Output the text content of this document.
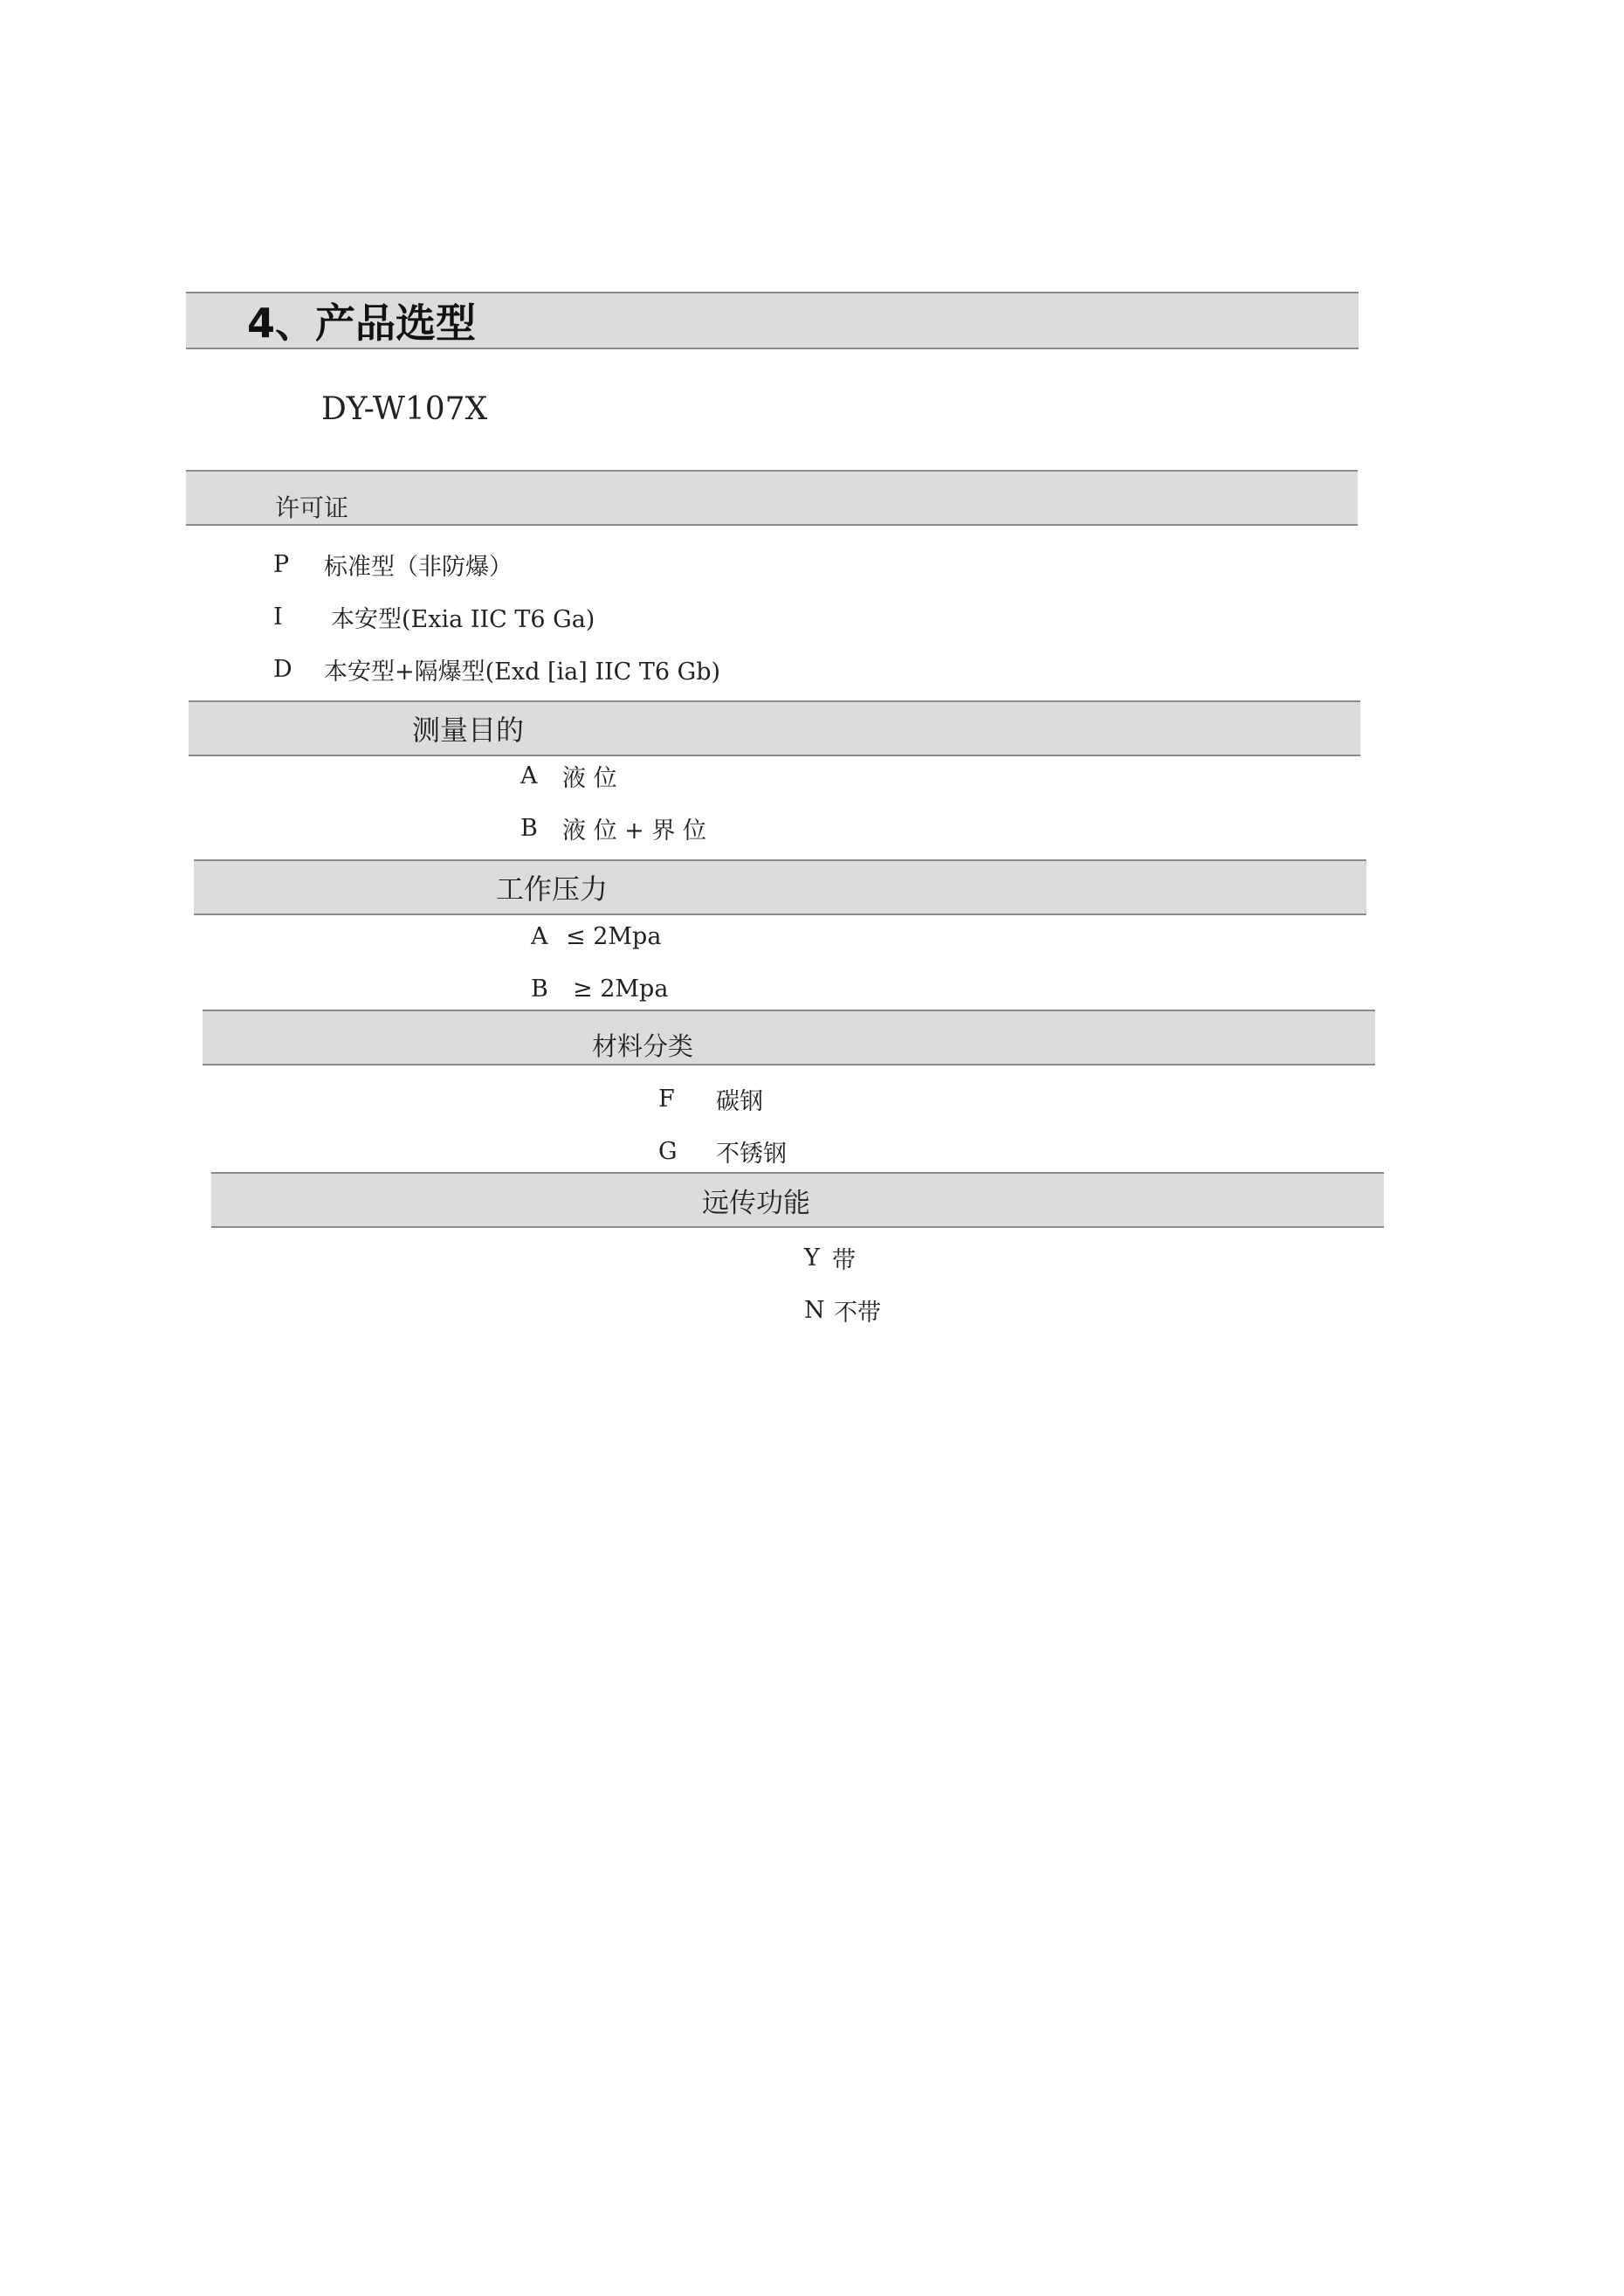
4、产品选型
DY-W107X
许可证
P	标准型（非防爆）
I	本安型(Exia IIC T6 Ga)
D	本安型+隔爆型(Exd [ia] IIC T6 Gb)
测量目的
A	液 位
B	液 位 + 界 位
工作压力
A ≤ 2Mpa
B	≥ 2Mpa
材料分类
F	碳钢
G	不锈钢
远传功能
Y 带
N 不带
